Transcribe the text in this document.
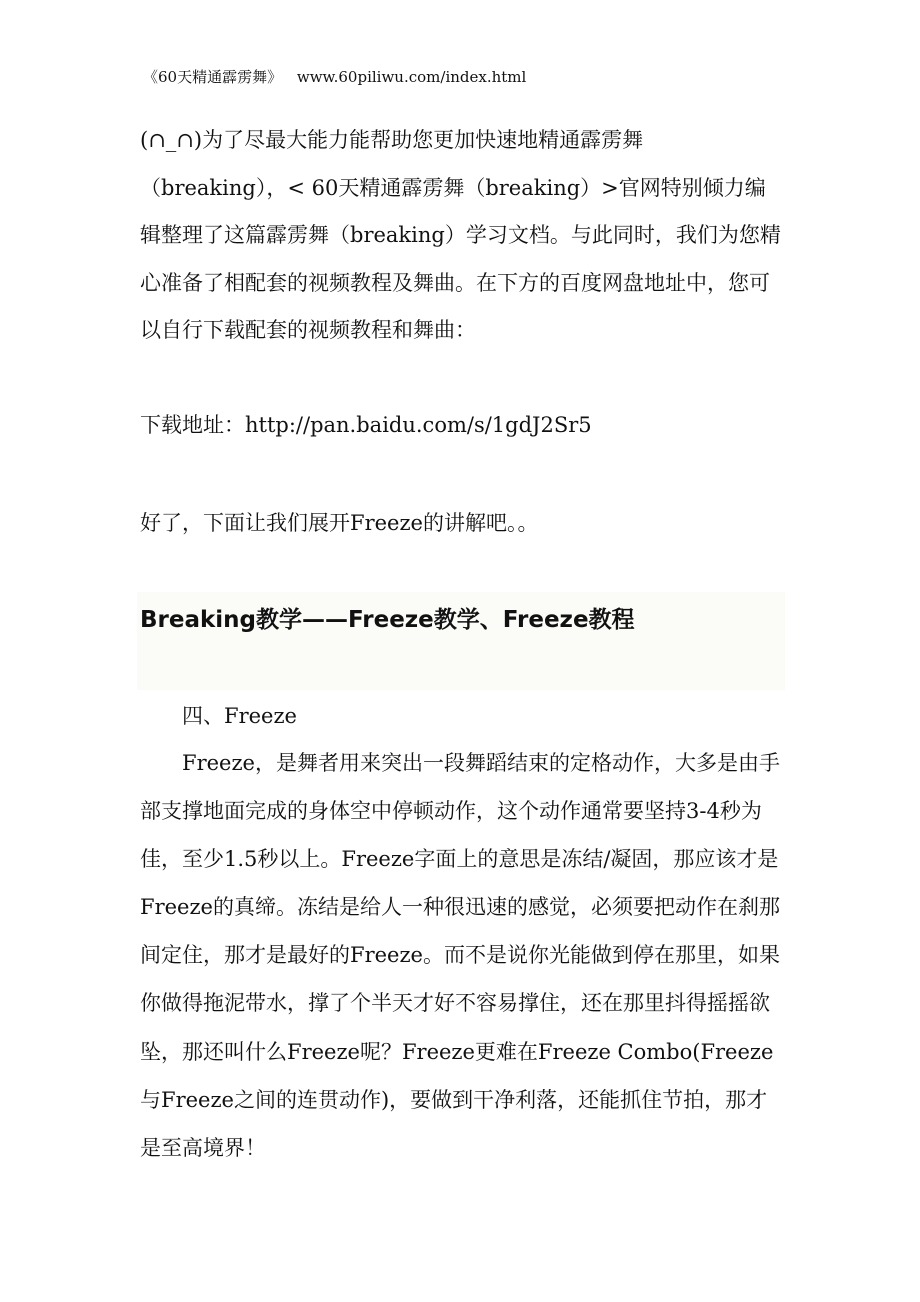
《60天精通霹雳舞》 www.60piliwu.com/index.html

(∩_∩)为了尽最大能力能帮助您更加快速地精通霹雳舞（breaking），< 60天精通霹雳舞（breaking）>官网特别倾力编辑整理了这篇霹雳舞（breaking）学习文档。与此同时，我们为您精心准备了相配套的视频教程及舞曲。在下方的百度网盘地址中，您可以自行下载配套的视频教程和舞曲：

下载地址：http://pan.baidu.com/s/1gdJ2Sr5
好了，下面让我们展开Freeze的讲解吧。。
Breaking教学——Freeze教学、Freeze教程
四、Freeze

Freeze，是舞者用来突出一段舞蹈结束的定格动作，大多是由手部支撑地面完成的身体空中停顿动作，这个动作通常要坚持3-4秒为佳，至少1.5秒以上。Freeze字面上的意思是冻结/凝固，那应该才是Freeze的真缔。冻结是给人一种很迅速的感觉，必须要把动作在刹那间定住，那才是最好的Freeze。而不是说你光能做到停在那里，如果你做得拖泥带水，撑了个半天才好不容易撑住，还在那里抖得摇摇欲坠，那还叫什么Freeze呢？Freeze更难在Freeze Combo(Freeze与Freeze之间的连贯动作)，要做到干净利落，还能抓住节拍，那才是至高境界！
